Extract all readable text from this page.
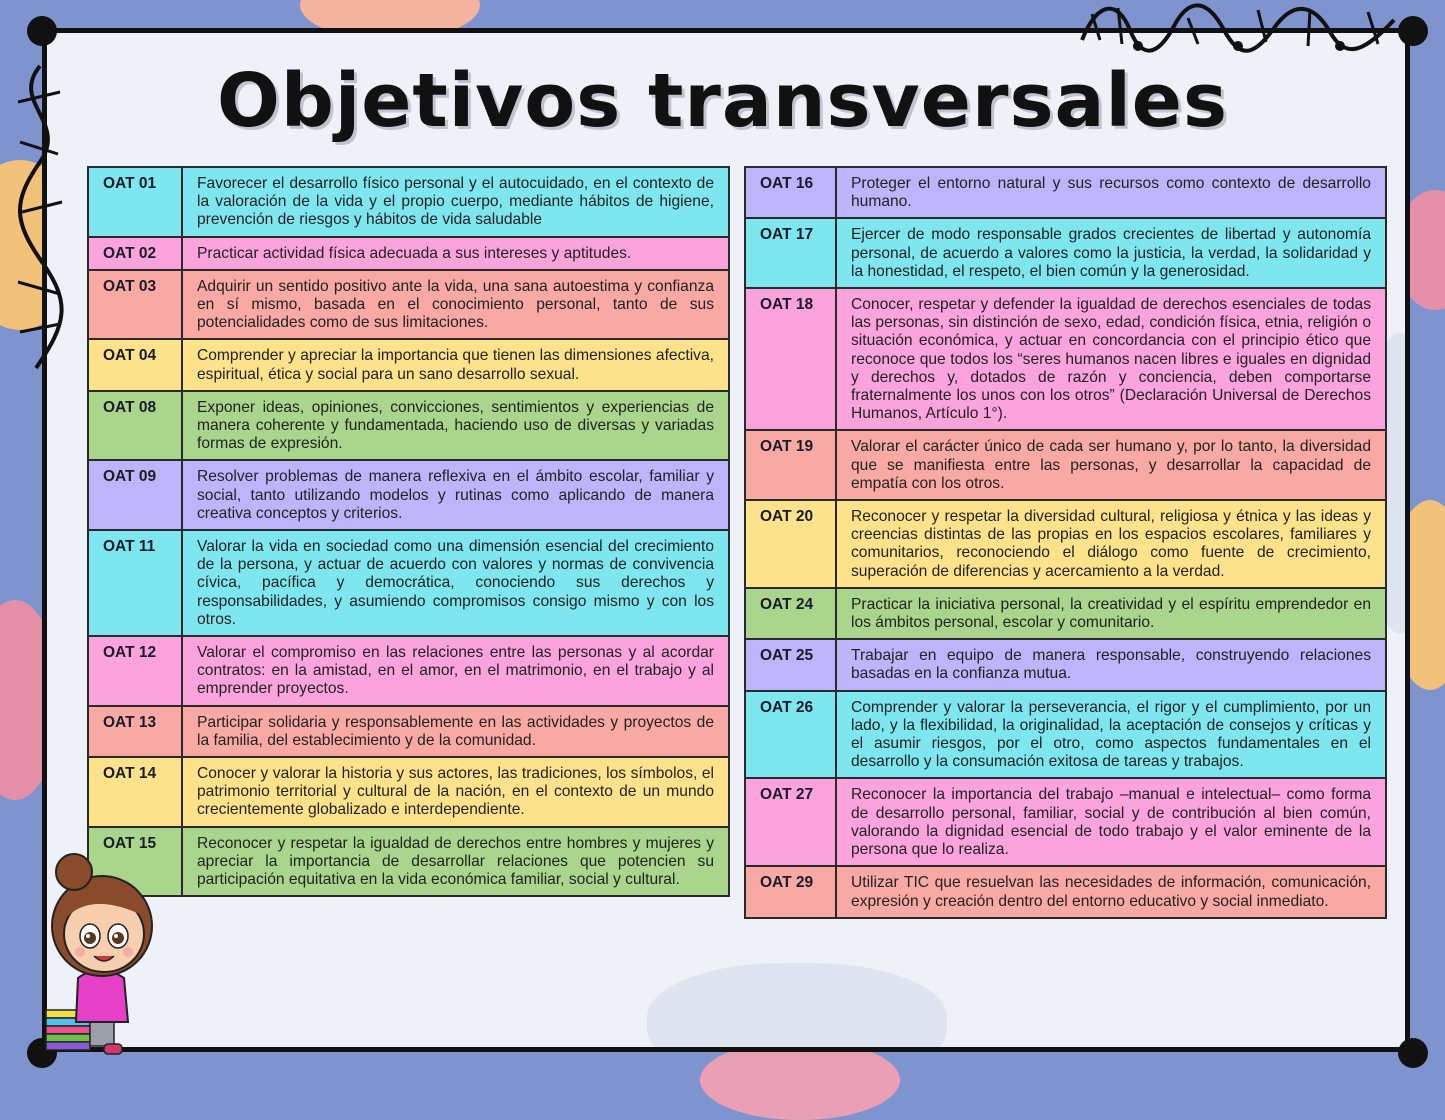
Objetivos transversales
OAT 01	Favorecer el desarrollo físico personal y el autocuidado, en el contexto de la valoración de la vida y el propio cuerpo, mediante hábitos de higiene, prevención de riesgos y hábitos de vida saludable
OAT 02	Practicar actividad física adecuada a sus intereses y aptitudes.
OAT 03	Adquirir un sentido positivo ante la vida, una sana autoestima y confianza en sí mismo, basada en el conocimiento personal, tanto de sus potencialidades como de sus limitaciones.
OAT 04	Comprender y apreciar la importancia que tienen las dimensiones afectiva, espiritual, ética y social para un sano desarrollo sexual.
OAT 08	Exponer ideas, opiniones, convicciones, sentimientos y experiencias de manera coherente y fundamentada, haciendo uso de diversas y variadas formas de expresión.
OAT 09	Resolver problemas de manera reflexiva en el ámbito escolar, familiar y social, tanto utilizando modelos y rutinas como aplicando de manera creativa conceptos y criterios.
OAT 11	Valorar la vida en sociedad como una dimensión esencial del crecimiento de la persona, y actuar de acuerdo con valores y normas de convivencia cívica, pacífica y democrática, conociendo sus derechos y responsabilidades, y asumiendo compromisos consigo mismo y con los otros.
OAT 12	Valorar el compromiso en las relaciones entre las personas y al acordar contratos: en la amistad, en el amor, en el matrimonio, en el trabajo y al emprender proyectos.
OAT 13	Participar solidaria y responsablemente en las actividades y proyectos de la familia, del establecimiento y de la comunidad.
OAT 14	Conocer y valorar la historia y sus actores, las tradiciones, los símbolos, el patrimonio territorial y cultural de la nación, en el contexto de un mundo crecientemente globalizado e interdependiente.
OAT 15	Reconocer y respetar la igualdad de derechos entre hombres y mujeres y apreciar la importancia de desarrollar relaciones que potencien su participación equitativa en la vida económica familiar, social y cultural.
OAT 16	Proteger el entorno natural y sus recursos como contexto de desarrollo humano.
OAT 17	Ejercer de modo responsable grados crecientes de libertad y autonomía personal, de acuerdo a valores como la justicia, la verdad, la solidaridad y la honestidad, el respeto, el bien común y la generosidad.
OAT 18	Conocer, respetar y defender la igualdad de derechos esenciales de todas las personas, sin distinción de sexo, edad, condición física, etnia, religión o situación económica, y actuar en concordancia con el principio ético que reconoce que todos los “seres humanos nacen libres e iguales en dignidad y derechos y, dotados de razón y conciencia, deben comportarse fraternalmente los unos con los otros” (Declaración Universal de Derechos Humanos, Artículo 1°).
OAT 19	Valorar el carácter único de cada ser humano y, por lo tanto, la diversidad que se manifiesta entre las personas, y desarrollar la capacidad de empatía con los otros.
OAT 20	Reconocer y respetar la diversidad cultural, religiosa y étnica y las ideas y creencias distintas de las propias en los espacios escolares, familiares y comunitarios, reconociendo el diálogo como fuente de crecimiento, superación de diferencias y acercamiento a la verdad.
OAT 24	Practicar la iniciativa personal, la creatividad y el espíritu emprendedor en los ámbitos personal, escolar y comunitario.
OAT 25	Trabajar en equipo de manera responsable, construyendo relaciones basadas en la confianza mutua.
OAT 26	Comprender y valorar la perseverancia, el rigor y el cumplimiento, por un lado, y la flexibilidad, la originalidad, la aceptación de consejos y críticas y el asumir riesgos, por el otro, como aspectos fundamentales en el desarrollo y la consumación exitosa de tareas y trabajos.
OAT 27	Reconocer la importancia del trabajo –manual e intelectual– como forma de desarrollo personal, familiar, social y de contribución al bien común, valorando la dignidad esencial de todo trabajo y el valor eminente de la persona que lo realiza.
OAT 29	Utilizar TIC que resuelvan las necesidades de información, comunicación, expresión y creación dentro del entorno educativo y social inmediato.
